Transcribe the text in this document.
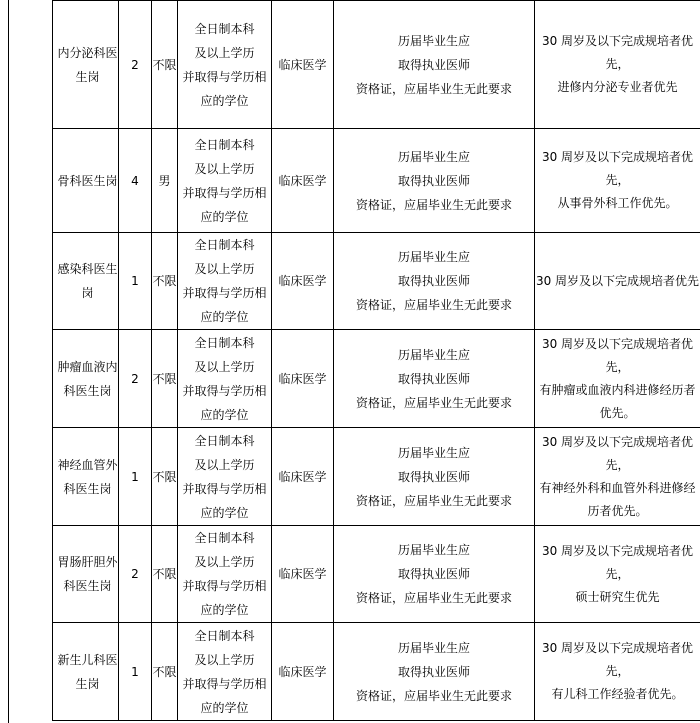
内分泌科医
生岗	2	不限	全日制本科
及以上学历
并取得与学历相
应的学位	临床医学	历届毕业生应
取得执业医师
资格证，应届毕业生无此要求	30 周岁及以下完成规培者优先，
进修内分泌专业者优先

骨科医生岗	4	男	全日制本科
及以上学历
并取得与学历相
应的学位	临床医学	历届毕业生应
取得执业医师
资格证，应届毕业生无此要求	30 周岁及以下完成规培者优先，
从事骨外科工作优先。

感染科医生
岗	1	不限	全日制本科
及以上学历
并取得与学历相
应的学位	临床医学	历届毕业生应
取得执业医师
资格证，应届毕业生无此要求	30 周岁及以下完成规培者优先

肿瘤血液内
科医生岗	2	不限	全日制本科
及以上学历
并取得与学历相
应的学位	临床医学	历届毕业生应
取得执业医师
资格证，应届毕业生无此要求	30 周岁及以下完成规培者优先，
有肿瘤或血液内科进修经历者
优先。

神经血管外
科医生岗	1	不限	全日制本科
及以上学历
并取得与学历相
应的学位	临床医学	历届毕业生应
取得执业医师
资格证，应届毕业生无此要求	30 周岁及以下完成规培者优先，
有神经外科和血管外科进修经
历者优先。

胃肠肝胆外
科医生岗	2	不限	全日制本科
及以上学历
并取得与学历相
应的学位	临床医学	历届毕业生应
取得执业医师
资格证，应届毕业生无此要求	30 周岁及以下完成规培者优先，
硕士研究生优先

新生儿科医
生岗	1	不限	全日制本科
及以上学历
并取得与学历相
应的学位	临床医学	历届毕业生应
取得执业医师
资格证，应届毕业生无此要求	30 周岁及以下完成规培者优先，
有儿科工作经验者优先。
